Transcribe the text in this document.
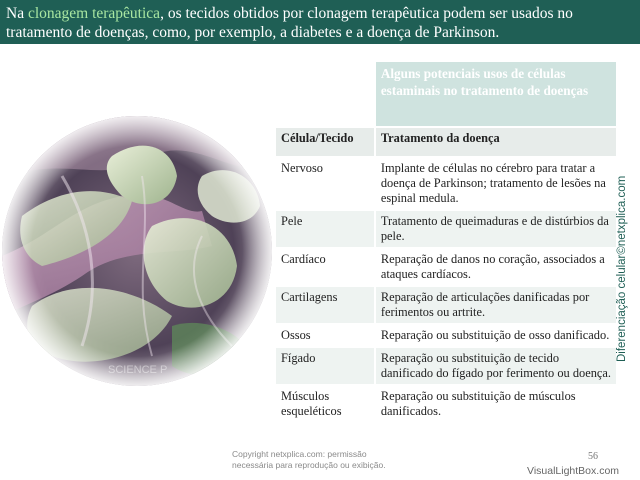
Na clonagem terapêutica, os tecidos obtidos por clonagem terapêutica podem ser usados no tratamento de doenças, como, por exemplo, a diabetes e a doença de Parkinson.
	Alguns potenciais usos de células estaminais no tratamento de doenças
Célula/Tecido	Tratamento da doença
Nervoso	Implante de células no cérebro para tratar a doença de Parkinson; tratamento de lesões na espinal medula.
Pele	Tratamento de queimaduras e de distúrbios da pele.
Cardíaco	Reparação de danos no coração, associados a ataques cardíacos.
Cartilagens	Reparação de articulações danificadas por ferimentos ou artrite.
Ossos	Reparação ou substituição de osso danificado.
Fígado	Reparação ou substituição de tecido danificado do fígado por ferimento ou doença.
Músculos esqueléticos	Reparação ou substituição de músculos danificados.
Diferenciação celular©netxplica.com
Copyright netxplica.com: permissão necessária para reprodução ou exibição.
56
VisualLightBox.com
